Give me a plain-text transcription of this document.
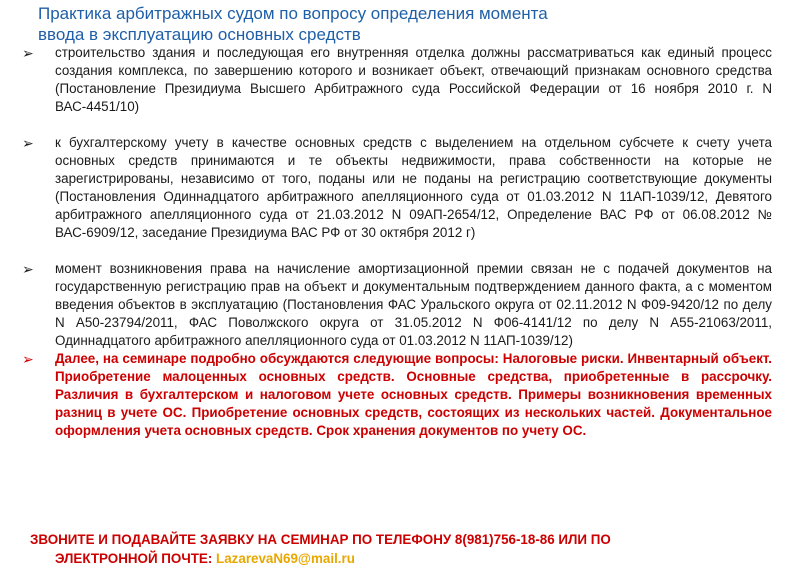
Практика арбитражных судом по вопросу определения момента
ввода в эксплуатацию основных средств
➢	строительство здания и последующая его внутренняя отделка должны рассматриваться как единый процесс создания комплекса, по завершению которого и возникает объект, отвечающий признакам основного средства (Постановление Президиума Высшего Арбитражного суда Российской Федерации от 16 ноября 2010 г. N ВАС-4451/10)
➢	к бухгалтерскому учету в качестве основных средств с выделением на отдельном субсчете к счету учета основных средств принимаются и те объекты недвижимости, права собственности на которые не зарегистрированы, независимо от того, поданы или не поданы на регистрацию соответствующие документы (Постановления Одиннадцатого арбитражного апелляционного суда от 01.03.2012 N 11АП-1039/12, Девятого арбитражного апелляционного суда от 21.03.2012 N 09АП-2654/12, Определение ВАС РФ от 06.08.2012 № ВАС-6909/12, заседание Президиума ВАС РФ от 30 октября 2012 г)
➢	момент возникновения права на начисление амортизационной премии связан не с подачей документов на государственную регистрацию прав на объект и документальным подтверждением данного факта, а с моментом введения объектов в эксплуатацию (Постановления ФАС Уральского округа от 02.11.2012 N Ф09-9420/12 по делу N А50-23794/2011, ФАС Поволжского округа от 31.05.2012 N Ф06-4141/12 по делу N А55-21063/2011, Одиннадцатого арбитражного апелляционного суда от 01.03.2012 N 11АП-1039/12)
➢	Далее, на семинаре подробно обсуждаются следующие вопросы: Налоговые риски. Инвентарный объект. Приобретение малоценных основных средств. Основные средства, приобретенные в рассрочку. Различия в бухгалтерском и налоговом учете основных средств. Примеры возникновения временных разниц в учете ОС. Приобретение основных средств, состоящих из нескольких частей. Документальное оформления учета основных средств. Срок хранения документов по учету ОС.
ЗВОНИТЕ И ПОДАВАЙТЕ ЗАЯВКУ НА СЕМИНАР ПО ТЕЛЕФОНУ 8(981)756-18-86 ИЛИ ПО
ЭЛЕКТРОННОЙ ПОЧТЕ: LazarevaN69@mail.ru
